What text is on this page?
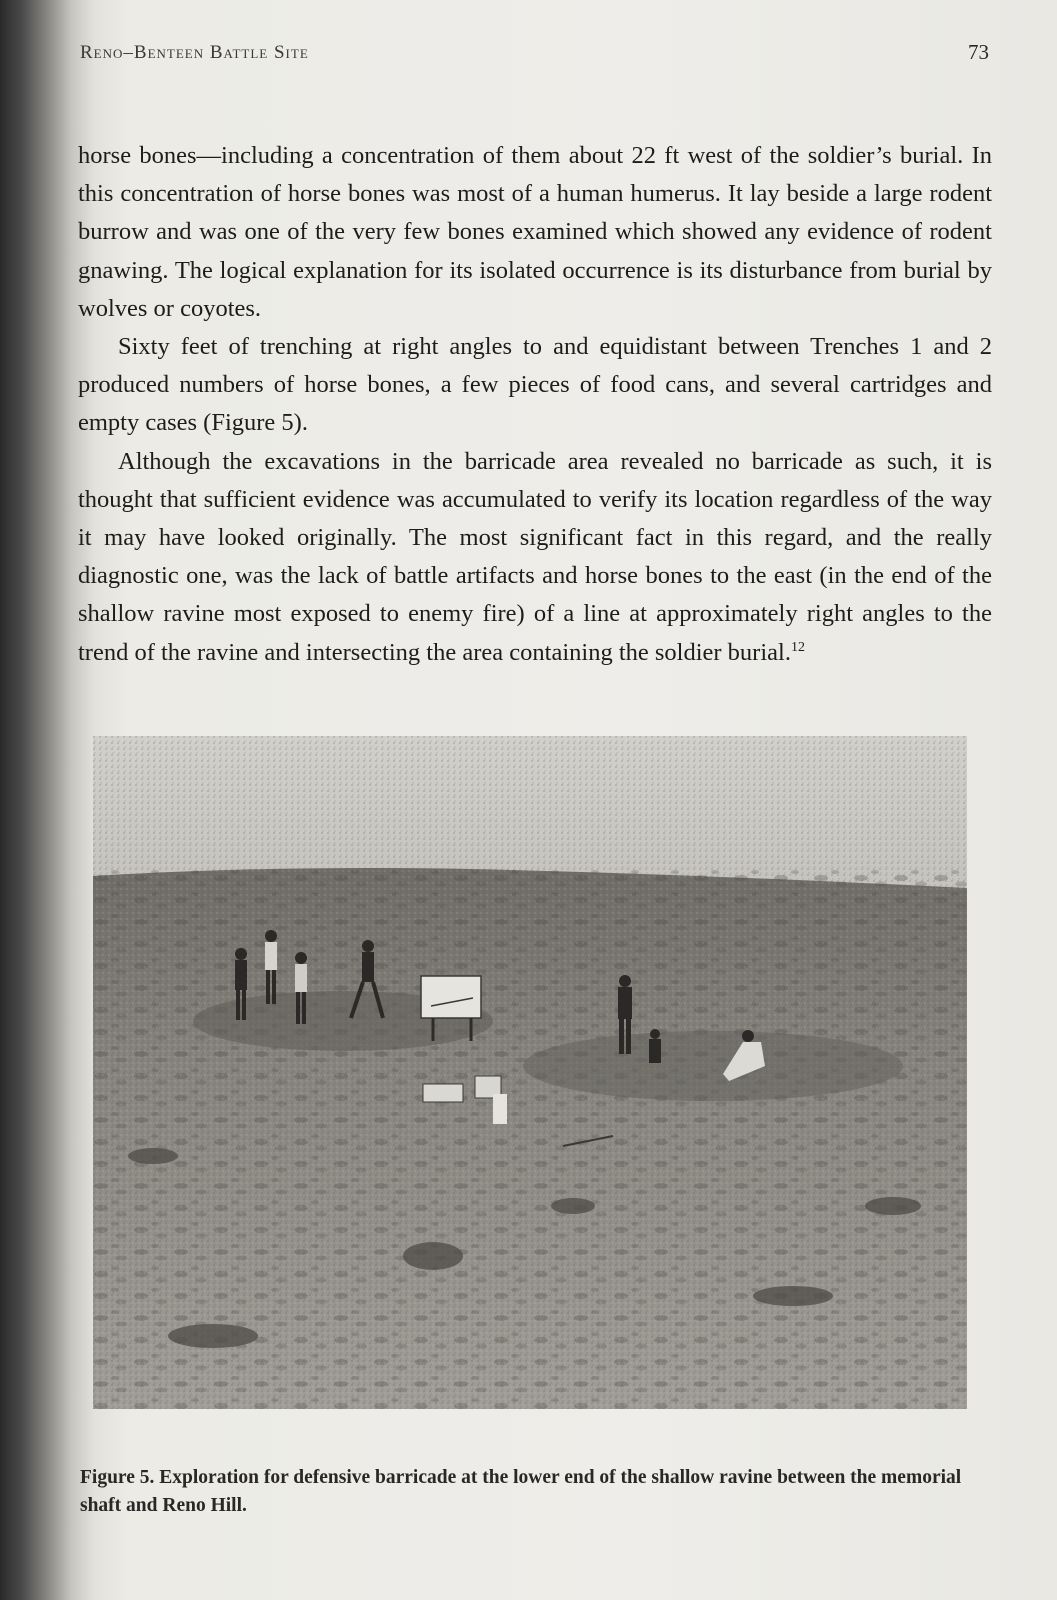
Reno–Benteen Battle Site	73

horse bones—including a concentration of them about 22 ft west of the soldier’s burial. In this concentration of horse bones was most of a human humerus. It lay beside a large rodent burrow and was one of the very few bones examined which showed any evidence of rodent gnawing. The logical explanation for its isolated occurrence is its disturbance from burial by wolves or coyotes.

Sixty feet of trenching at right angles to and equidistant between Trenches 1 and 2 produced numbers of horse bones, a few pieces of food cans, and several cartridges and empty cases (Figure 5).

Although the excavations in the barricade area revealed no barricade as such, it is thought that sufficient evidence was accumulated to verify its location regardless of the way it may have looked originally. The most significant fact in this regard, and the really diagnostic one, was the lack of battle artifacts and horse bones to the east (in the end of the shallow ravine most exposed to enemy fire) of a line at approximately right angles to the trend of the ravine and intersecting the area containing the soldier burial.$^{12}$

Figure 5. Exploration for defensive barricade at the lower end of the shallow ravine between the memorial shaft and Reno Hill.
